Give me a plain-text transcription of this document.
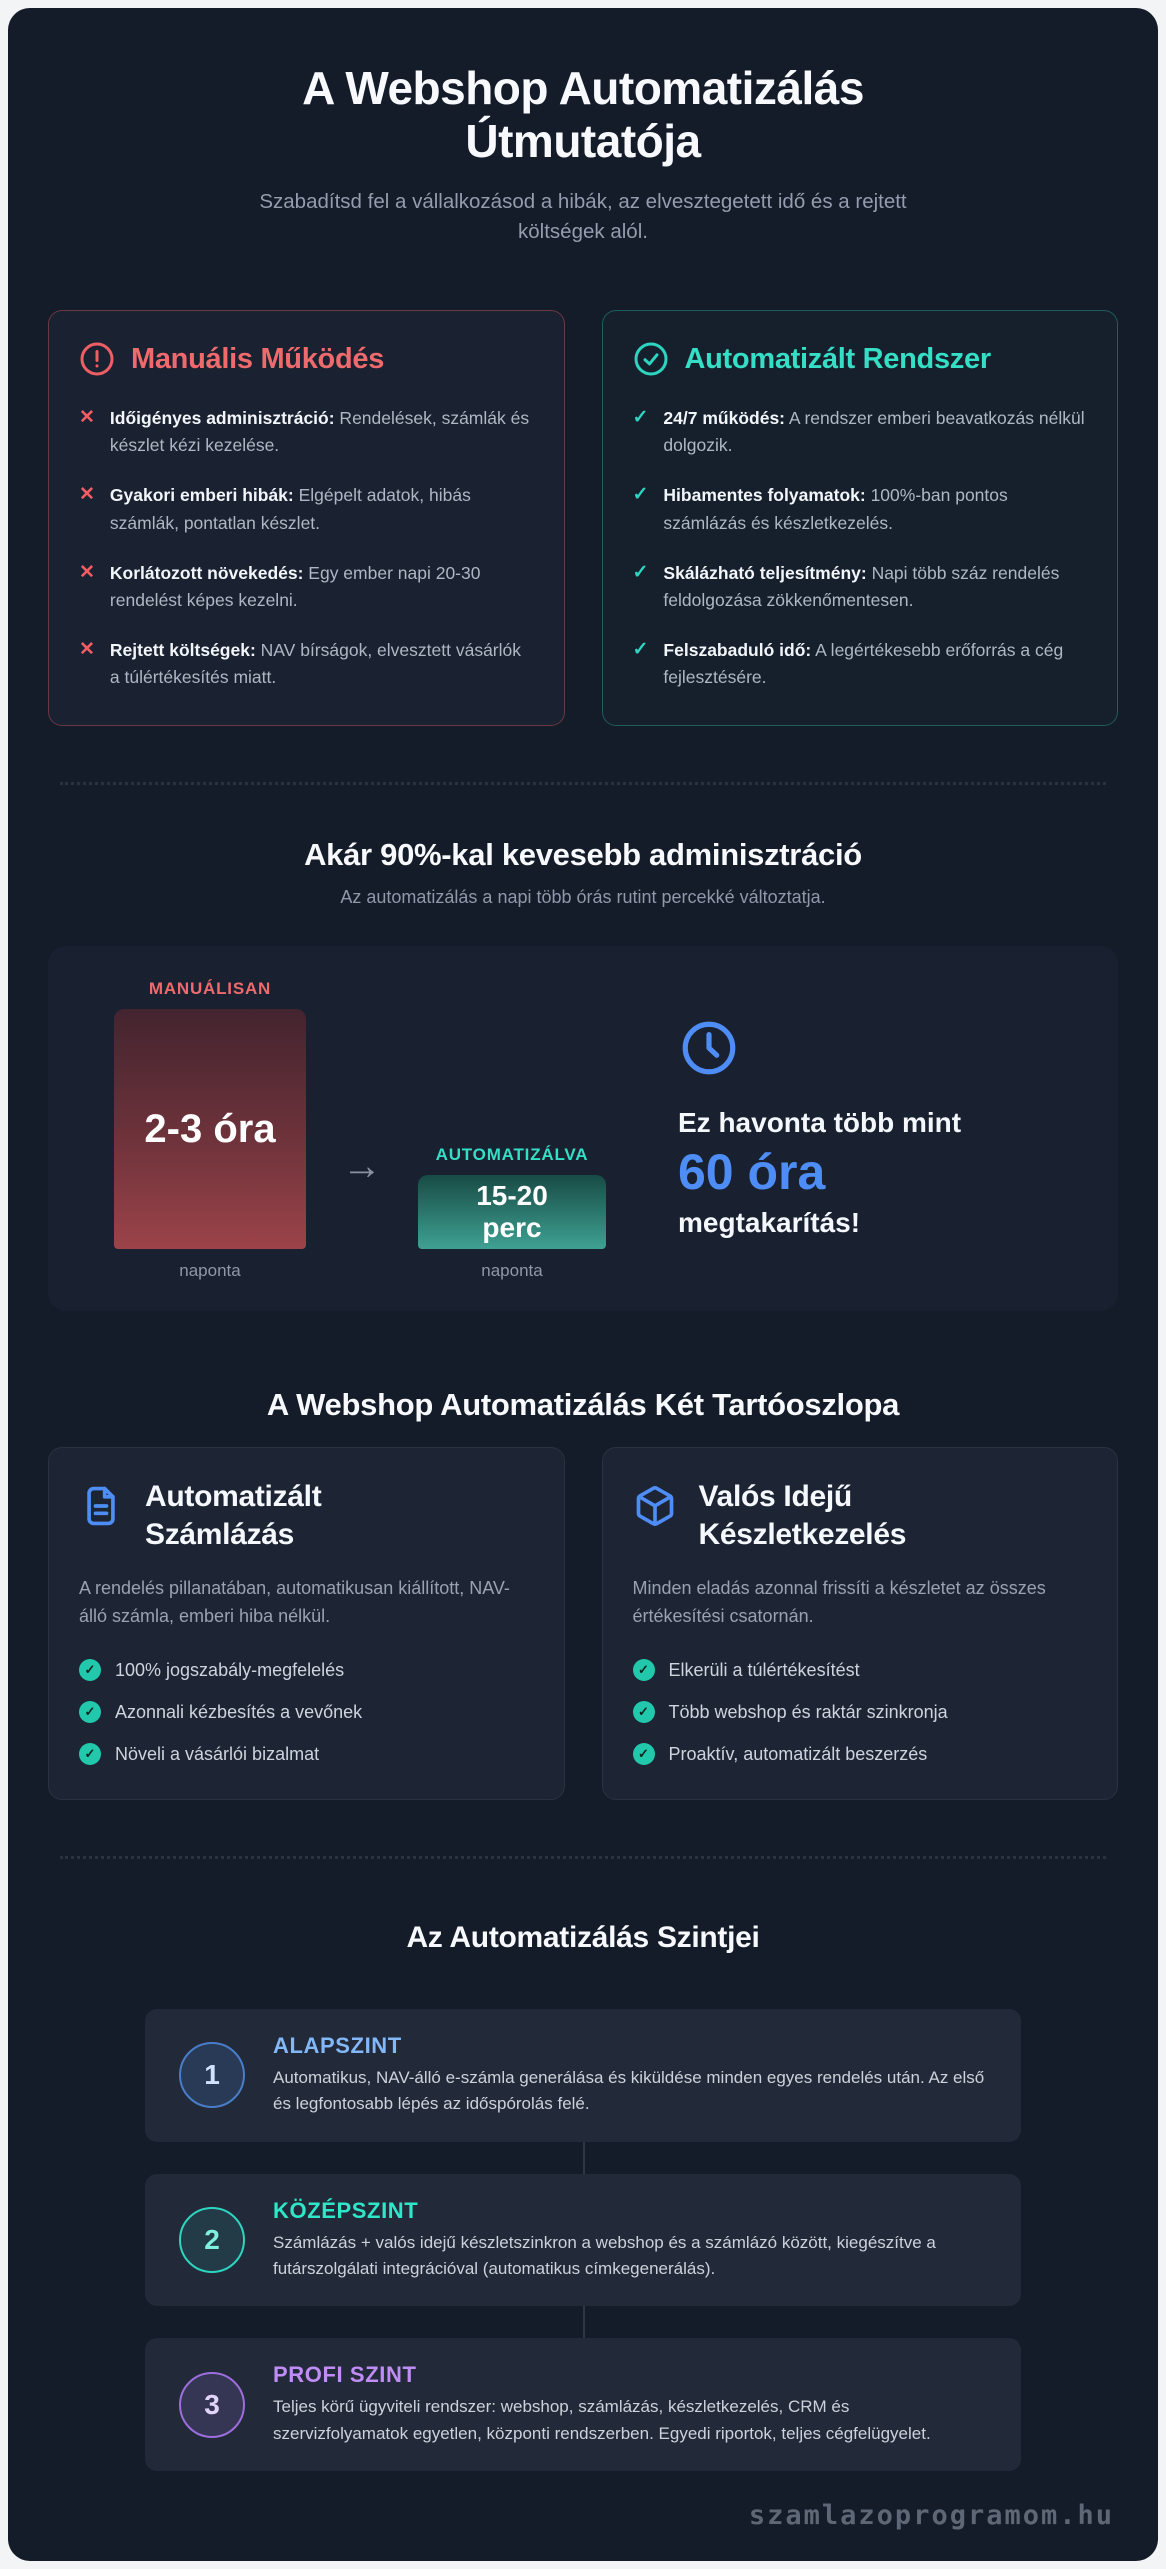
A Webshop Automatizálás Útmutatója

Szabadítsd fel a vállalkozásod a hibák, az elvesztegetett idő és a rejtett költségek alól.

Manuális Működés
✕ Időigényes adminisztráció: Rendelések, számlák és készlet kézi kezelése.
✕ Gyakori emberi hibák: Elgépelt adatok, hibás számlák, pontatlan készlet.
✕ Korlátozott növekedés: Egy ember napi 20-30 rendelést képes kezelni.
✕ Rejtett költségek: NAV bírságok, elvesztett vásárlók a túlértékesítés miatt.
Automatizált Rendszer
✓ 24/7 működés: A rendszer emberi beavatkozás nélkül dolgozik.
✓ Hibamentes folyamatok: 100%-ban pontos számlázás és készletkezelés.
✓ Skálázható teljesítmény: Napi több száz rendelés feldolgozása zökkenőmentesen.
✓ Felszabaduló idő: A legértékesebb erőforrás a cég fejlesztésére.
Akár 90%-kal kevesebb adminisztráció

Az automatizálás a napi több órás rutint percekké változtatja.

MANUÁLISAN
2-3 óra
naponta
→	AUTOMATIZÁLVA
15-20 perc
naponta
Ez havonta több mint
60 óra
megtakarítás!
A Webshop Automatizálás Két Tartóoszlopa
Automatizált Számlázás

A rendelés pillanatában, automatikusan kiállított, NAV-álló számla, emberi hiba nélkül.

✓	100% jogszabály-megfelelés
✓	Azonnali kézbesítés a vevőnek
✓	Növeli a vásárlói bizalmat
Valós Idejű Készletkezelés

Minden eladás azonnal frissíti a készletet az összes értékesítési csatornán.

✓	Elkerüli a túlértékesítést
✓	Több webshop és raktár szinkronja
✓	Proaktív, automatizált beszerzés
Az Automatizálás Szintjei
1
ALAPSZINT
Automatikus, NAV-álló e-számla generálása és kiküldése minden egyes rendelés után. Az első és legfontosabb lépés az időspórolás felé.
2
KÖZÉPSZINT
Számlázás + valós idejű készletszinkron a webshop és a számlázó között, kiegészítve a futárszolgálati integrációval (automatikus címkegenerálás).
3
PROFI SZINT
Teljes körű ügyviteli rendszer: webshop, számlázás, készletkezelés, CRM és szervizfolyamatok egyetlen, központi rendszerben. Egyedi riportok, teljes cégfelügyelet.
szamlazoprogramom.hu
